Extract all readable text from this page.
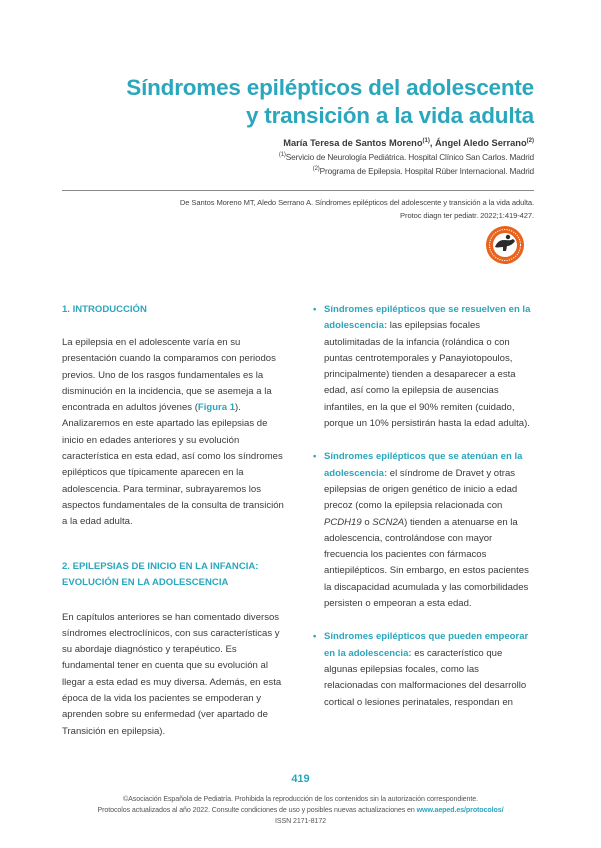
Síndromes epilépticos del adolescente
y transición a la vida adulta
María Teresa de Santos Moreno$^{(1)}$, Ángel Aledo Serrano$^{(2)}$
$^{(1)}$Servicio de Neurología Pediátrica. Hospital Clínico San Carlos. Madrid
$^{(2)}$Programa de Epilepsia. Hospital Rúber Internacional. Madrid
De Santos Moreno MT, Aledo Serrano A. Síndromes epilépticos del adolescente y transición a la vida adulta.
Protoc diagn ter pediatr. 2022;1:419-427.
1. INTRODUCCIÓN

La epilepsia en el adolescente varía en su presentación cuando la comparamos con periodos previos. Uno de los rasgos fundamentales es la disminución en la incidencia, que se asemeja a la encontrada en adultos jóvenes (Figura 1). Analizaremos en este apartado las epilepsias de inicio en edades anteriores y su evolución característica en esta edad, así como los síndromes epilépticos que típicamente aparecen en la adolescencia. Para terminar, subrayaremos los aspectos fundamentales de la consulta de transición a la edad adulta.

2. EPILEPSIAS DE INICIO EN LA INFANCIA:
EVOLUCIÓN EN LA ADOLESCENCIA

En capítulos anteriores se han comentado diversos síndromes electroclínicos, con sus características y su abordaje diagnóstico y terapéutico. Es fundamental tener en cuenta que su evolución al llegar a esta edad es muy diversa. Además, en esta época de la vida los pacientes se empoderan y aprenden sobre su enfermedad (ver apartado de Transición en epilepsia).

• Síndromes epilépticos que se resuelven en la adolescencia: las epilepsias focales autolimitadas de la infancia (rolándica o con puntas centrotemporales y Panayiotopoulos, principalmente) tienden a desaparecer a esta edad, así como la epilepsia de ausencias infantiles, en la que el 90% remiten (cuidado, porque un 10% persistirán hasta la edad adulta).
• Síndromes epilépticos que se atenúan en la adolescencia: el síndrome de Dravet y otras epilepsias de origen genético de inicio a edad precoz (como la epilepsia relacionada con PCDH19 o SCN2A) tienden a atenuarse en la adolescencia, controlándose con mayor frecuencia los pacientes con fármacos antiepilépticos. Sin embargo, en estos pacientes la discapacidad acumulada y las comorbilidades persisten o empeoran a esta edad.
• Síndromes epilépticos que pueden empeorar en la adolescencia: es característico que algunas epilepsias focales, como las relacionadas con malformaciones del desarrollo cortical o lesiones perinatales, respondan en
419
©Asociación Española de Pediatría. Prohibida la reproducción de los contenidos sin la autorización correspondiente.
Protocolos actualizados al año 2022. Consulte condiciones de uso y posibles nuevas actualizaciones en www.aeped.es/protocolos/
ISSN 2171-8172
